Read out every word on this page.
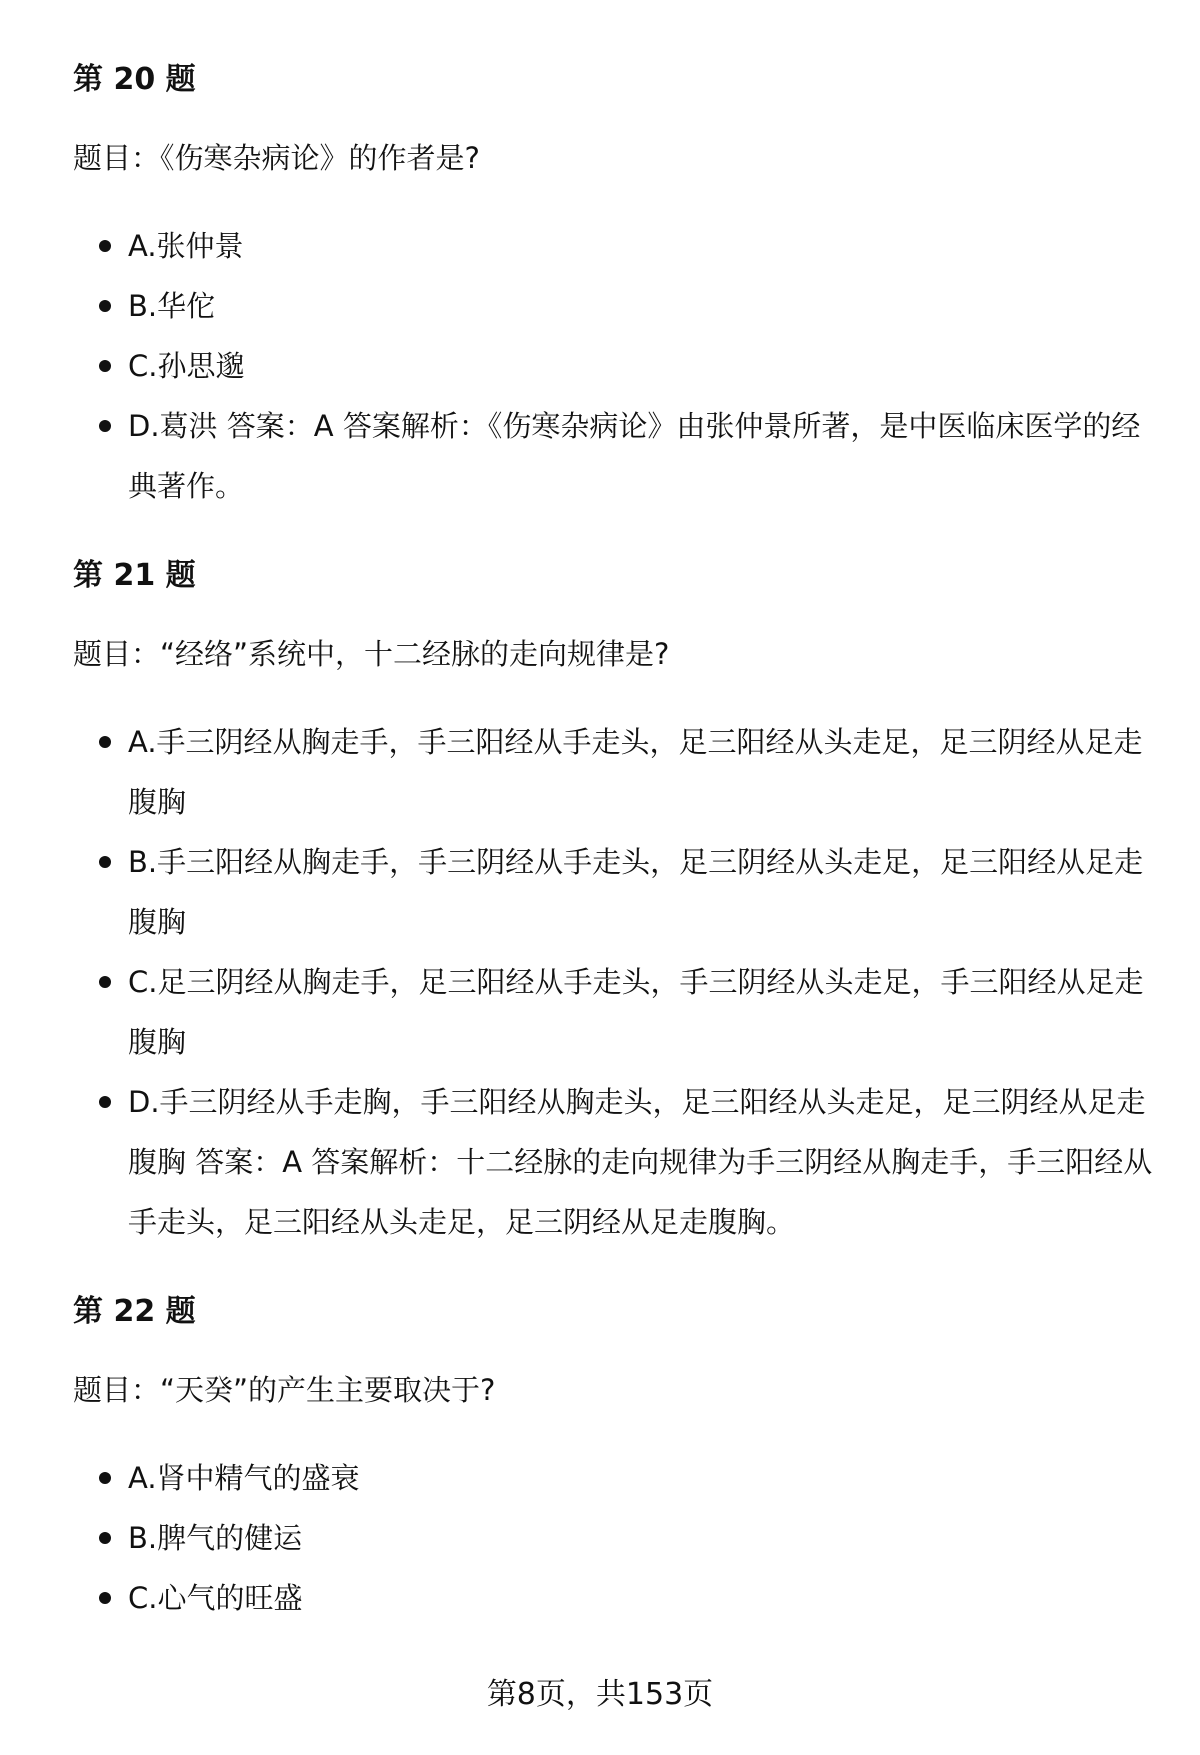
第 20 题
题目：《伤寒杂病论》的作者是?
A.张仲景
B.华佗
C.孙思邈
D.葛洪 答案：A 答案解析：《伤寒杂病论》由张仲景所著，是中医临床医学的经典著作。
第 21 题
题目：“经络”系统中，十二经脉的走向规律是?
A.手三阴经从胸走手，手三阳经从手走头，足三阳经从头走足，足三阴经从足走腹胸
B.手三阳经从胸走手，手三阴经从手走头，足三阴经从头走足，足三阳经从足走腹胸
C.足三阴经从胸走手，足三阳经从手走头，手三阴经从头走足，手三阳经从足走腹胸
D.手三阴经从手走胸，手三阳经从胸走头，足三阳经从头走足，足三阴经从足走腹胸 答案：A 答案解析：十二经脉的走向规律为手三阴经从胸走手，手三阳经从手走头，足三阳经从头走足，足三阴经从足走腹胸。
第 22 题
题目：“天癸”的产生主要取决于?
A.肾中精气的盛衰
B.脾气的健运
C.心气的旺盛
第8页，共153页
